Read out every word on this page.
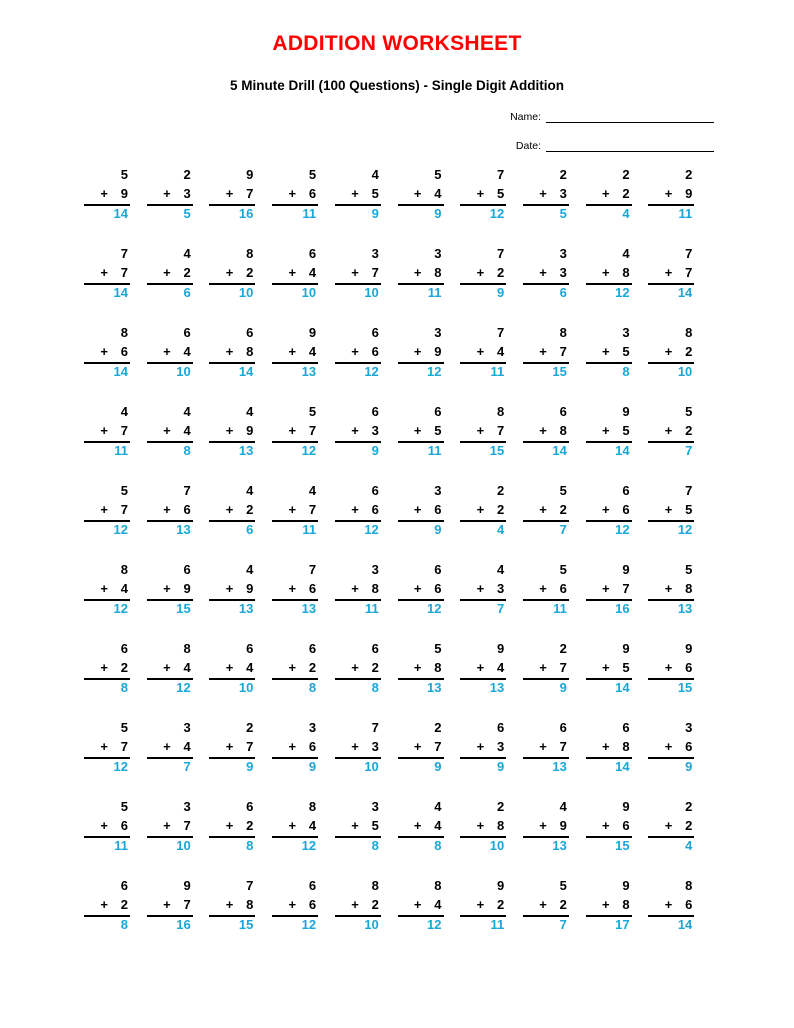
ADDITION WORKSHEET
5 Minute Drill (100 Questions) - Single Digit Addition
Name:
Date:
5
+ 9
14
2
+ 3
5
9
+ 7
16
5
+ 6
11
4
+ 5
9
5
+ 4
9
7
+ 5
12
2
+ 3
5
2
+ 2
4
2
+ 9
11
7
+ 7
14
4
+ 2
6
8
+ 2
10
6
+ 4
10
3
+ 7
10
3
+ 8
11
7
+ 2
9
3
+ 3
6
4
+ 8
12
7
+ 7
14
8
+ 6
14
6
+ 4
10
6
+ 8
14
9
+ 4
13
6
+ 6
12
3
+ 9
12
7
+ 4
11
8
+ 7
15
3
+ 5
8
8
+ 2
10
4
+ 7
11
4
+ 4
8
4
+ 9
13
5
+ 7
12
6
+ 3
9
6
+ 5
11
8
+ 7
15
6
+ 8
14
9
+ 5
14
5
+ 2
7
5
+ 7
12
7
+ 6
13
4
+ 2
6
4
+ 7
11
6
+ 6
12
3
+ 6
9
2
+ 2
4
5
+ 2
7
6
+ 6
12
7
+ 5
12
8
+ 4
12
6
+ 9
15
4
+ 9
13
7
+ 6
13
3
+ 8
11
6
+ 6
12
4
+ 3
7
5
+ 6
11
9
+ 7
16
5
+ 8
13
6
+ 2
8
8
+ 4
12
6
+ 4
10
6
+ 2
8
6
+ 2
8
5
+ 8
13
9
+ 4
13
2
+ 7
9
9
+ 5
14
9
+ 6
15
5
+ 7
12
3
+ 4
7
2
+ 7
9
3
+ 6
9
7
+ 3
10
2
+ 7
9
6
+ 3
9
6
+ 7
13
6
+ 8
14
3
+ 6
9
5
+ 6
11
3
+ 7
10
6
+ 2
8
8
+ 4
12
3
+ 5
8
4
+ 4
8
2
+ 8
10
4
+ 9
13
9
+ 6
15
2
+ 2
4
6
+ 2
8
9
+ 7
16
7
+ 8
15
6
+ 6
12
8
+ 2
10
8
+ 4
12
9
+ 2
11
5
+ 2
7
9
+ 8
17
8
+ 6
14
